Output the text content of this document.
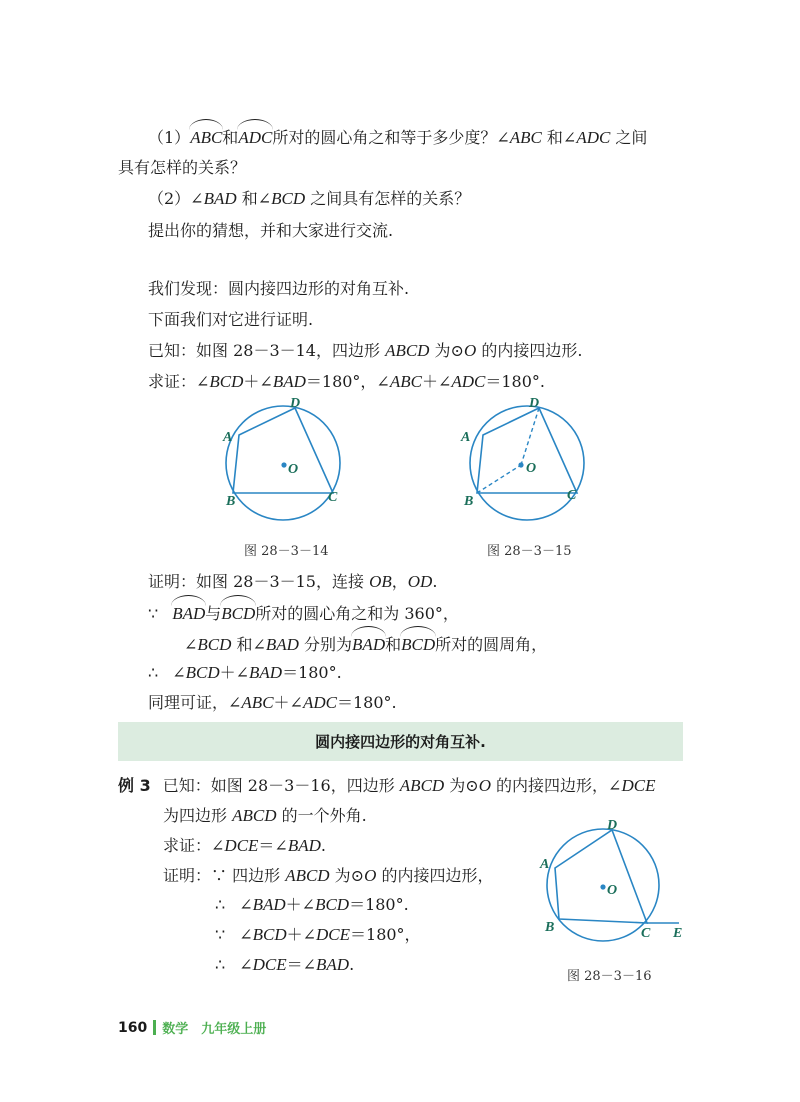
（1）ABC和ADC所对的圆心角之和等于多少度？∠ABC 和∠ADC 之间
具有怎样的关系？
（2）∠BAD 和∠BCD 之间具有怎样的关系？
提出你的猜想，并和大家进行交流.
我们发现：圆内接四边形的对角互补.
下面我们对它进行证明.
已知：如图 28－3－14，四边形 ABCD 为⊙O 的内接四边形.
求证：∠BCD＋∠BAD＝180°，∠ABC＋∠ADC＝180°.
A
B	C
D
O
图 28－3－14
A
B	C
D
O
图 28－3－15
证明：如图 28－3－15，连接 OB，OD.
∵ BAD与BCD所对的圆心角之和为 360°，
∠BCD 和∠BAD 分别为BAD和BCD所对的圆周角，
∴ ∠BCD＋∠BAD＝180°.
同理可证，∠ABC＋∠ADC＝180°.
圆内接四边形的对角互补.
例 3 已知：如图 28－3－16，四边形 ABCD 为⊙O 的内接四边形，∠DCE
为四边形 ABCD 的一个外角.
求证：∠DCE＝∠BAD.
证明：∵ 四边形 ABCD 为⊙O 的内接四边形，
∴ ∠BAD＋∠BCD＝180°.
∵ ∠BCD＋∠DCE＝180°，
∴ ∠DCE＝∠BAD.
A
B	C
D
O
E
图 28－3－16
160 数学　九年级上册
